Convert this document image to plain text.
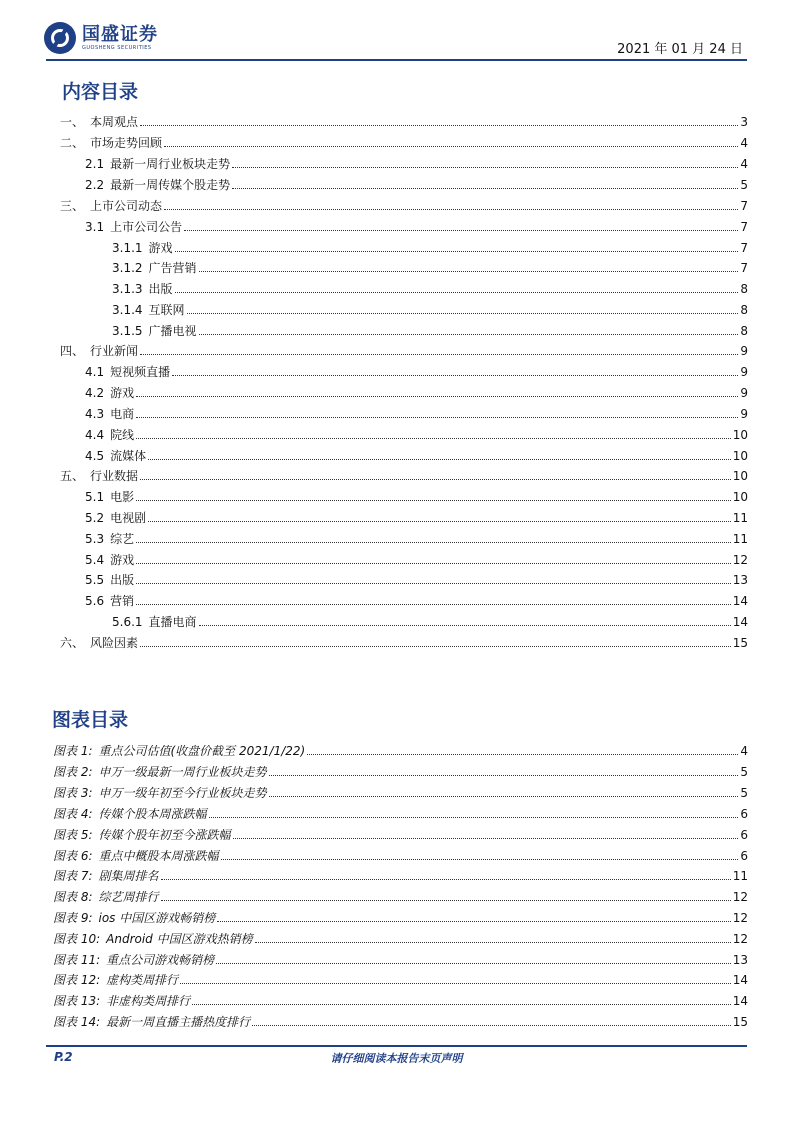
国盛证券
GUOSHENG SECURITIES	2021 年 01 月 24 日
内容目录
一、 本周观点	3
二、 市场走势回顾	4
2.1 最新一周行业板块走势	4
2.2 最新一周传媒个股走势	5
三、 上市公司动态	7
3.1 上市公司公告	7
3.1.1 游戏	7
3.1.2 广告营销	7
3.1.3 出版	8
3.1.4 互联网	8
3.1.5 广播电视	8
四、 行业新闻	9
4.1 短视频直播	9
4.2 游戏	9
4.3 电商	9
4.4 院线	10
4.5 流媒体	10
五、 行业数据	10
5.1 电影	10
5.2 电视剧	11
5.3 综艺	11
5.4 游戏	12
5.5 出版	13
5.6 营销	14
5.6.1 直播电商	14
六、 风险因素	15
图表目录
图表 1: 重点公司估值(收盘价截至 2021/1/22)	4
图表 2: 申万一级最新一周行业板块走势	5
图表 3: 申万一级年初至今行业板块走势	5
图表 4: 传媒个股本周涨跌幅	6
图表 5: 传媒个股年初至今涨跌幅	6
图表 6: 重点中概股本周涨跌幅	6
图表 7: 剧集周排名	11
图表 8: 综艺周排行	12
图表 9: ios 中国区游戏畅销榜	12
图表 10: Android 中国区游戏热销榜	12
图表 11: 重点公司游戏畅销榜	13
图表 12: 虚构类周排行	14
图表 13: 非虚构类周排行	14
图表 14: 最新一周直播主播热度排行	15
P.2	请仔细阅读本报告末页声明
